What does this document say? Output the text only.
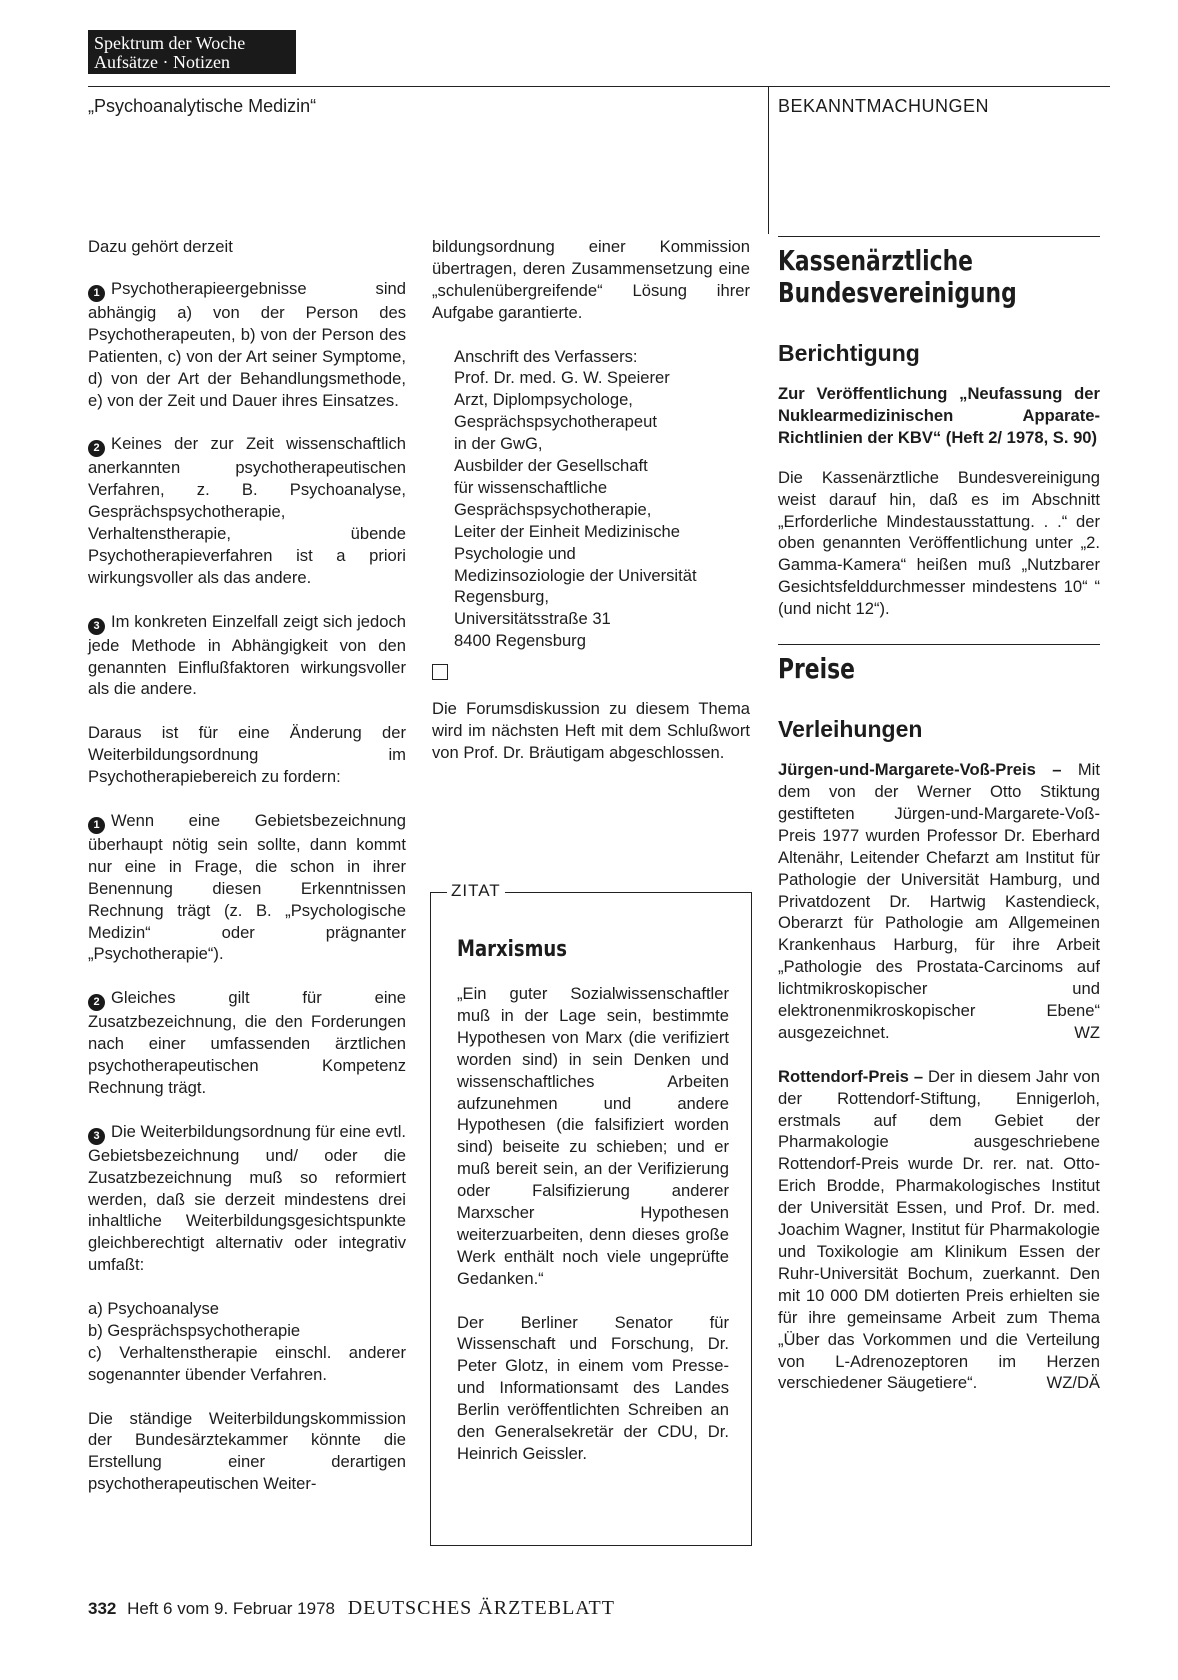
Spektrum der Woche
Aufsätze · Notizen
„Psychoanalytische Medizin“	BEKANNTMACHUNGEN

Dazu gehört derzeit

1 Psychotherapieergebnisse sind abhängig a) von der Person des Psychotherapeuten, b) von der Person des Patienten, c) von der Art seiner Symptome, d) von der Art der Behandlungsmethode, e) von der Zeit und Dauer ihres Einsatzes.

2 Keines der zur Zeit wissenschaftlich anerkannten psychotherapeutischen Verfahren, z. B. Psychoanalyse, Gesprächspsychotherapie, Verhaltenstherapie, übende Psychotherapieverfahren ist a priori wirkungsvoller als das andere.

3 Im konkreten Einzelfall zeigt sich jedoch jede Methode in Abhängigkeit von den genannten Einflußfaktoren wirkungsvoller als die andere.

Daraus ist für eine Änderung der Weiterbildungsordnung im Psychotherapiebereich zu fordern:

1 Wenn eine Gebietsbezeichnung überhaupt nötig sein sollte, dann kommt nur eine in Frage, die schon in ihrer Benennung diesen Erkenntnissen Rechnung trägt (z. B. „Psychologische Medizin“ oder prägnanter „Psychotherapie“).

2 Gleiches gilt für eine Zusatzbezeichnung, die den Forderungen nach einer umfassenden ärztlichen psychotherapeutischen Kompetenz Rechnung trägt.

3 Die Weiterbildungsordnung für eine evtl. Gebietsbezeichnung und/ oder die Zusatzbezeichnung muß so reformiert werden, daß sie derzeit mindestens drei inhaltliche Weiterbildungsgesichtspunkte gleichberechtigt alternativ oder integrativ umfaßt:

a) Psychoanalyse
b) Gesprächspsychotherapie
c) Verhaltenstherapie einschl. anderer sogenannter übender Verfahren.

Die ständige Weiterbildungskommission der Bundesärztekammer könnte die Erstellung einer derartigen psychotherapeutischen Weiter-

bildungsordnung einer Kommission übertragen, deren Zusammensetzung eine „schulenübergreifende“ Lösung ihrer Aufgabe garantierte.

Anschrift des Verfassers:
Prof. Dr. med. G. W. Speierer
Arzt, Diplompsychologe,
Gesprächspsychotherapeut
in der GwG,
Ausbilder der Gesellschaft
für wissenschaftliche
Gesprächspsychotherapie,
Leiter der Einheit Medizinische
Psychologie und
Medizinsoziologie der Universität
Regensburg,
Universitätsstraße 31
8400 Regensburg

Die Forumsdiskussion zu diesem Thema wird im nächsten Heft mit dem Schlußwort von Prof. Dr. Bräutigam abgeschlossen.

ZITAT
Marxismus

„Ein guter Sozialwissenschaftler muß in der Lage sein, bestimmte Hypothesen von Marx (die verifiziert worden sind) in sein Denken und wissenschaftliches Arbeiten aufzunehmen und andere Hypothesen (die falsifiziert worden sind) beiseite zu schieben; und er muß bereit sein, an der Verifizierung oder Falsifizierung anderer Marxscher Hypothesen weiterzuarbeiten, denn dieses große Werk enthält noch viele ungeprüfte Gedanken.“

Der Berliner Senator für Wissenschaft und Forschung, Dr. Peter Glotz, in einem vom Presse- und Informationsamt des Landes Berlin veröffentlichten Schreiben an den Generalsekretär der CDU, Dr. Heinrich Geissler.

Kassenärztliche
Bundesvereinigung
Berichtigung

Zur Veröffentlichung „Neufassung der Nuklearmedizinischen Apparate-Richtlinien der KBV“ (Heft 2/ 1978, S. 90)

Die Kassenärztliche Bundesvereinigung weist darauf hin, daß es im Abschnitt „Erforderliche Mindestausstattung. . .“ der oben genannten Veröffentlichung unter „2. Gamma-Kamera“ heißen muß „Nutzbarer Gesichtsfelddurchmesser mindestens 10“ “ (und nicht 12“).

Preise
Verleihungen

Jürgen-und-Margarete-Voß-Preis – Mit dem von der Werner Otto Stiktung gestifteten Jürgen-und-Margarete-Voß-Preis 1977 wurden Professor Dr. Eberhard Altenähr, Leitender Chefarzt am Institut für Pathologie der Universität Hamburg, und Privatdozent Dr. Hartwig Kastendieck, Oberarzt für Pathologie am Allgemeinen Krankenhaus Harburg, für ihre Arbeit „Pathologie des Prostata-Carcinoms auf lichtmikroskopischer und elektronenmikroskopischer Ebene“ ausgezeichnet.	WZ

Rottendorf-Preis – Der in diesem Jahr von der Rottendorf-Stiftung, Ennigerloh, erstmals auf dem Gebiet der Pharmakologie ausgeschriebene Rottendorf-Preis wurde Dr. rer. nat. Otto-Erich Brodde, Pharmakologisches Institut der Universität Essen, und Prof. Dr. med. Joachim Wagner, Institut für Pharmakologie und Toxikologie am Klinikum Essen der Ruhr-Universität Bochum, zuerkannt. Den mit 10 000 DM dotierten Preis erhielten sie für ihre gemeinsame Arbeit zum Thema „Über das Vorkommen und die Verteilung von L-Adrenozeptoren im Herzen verschiedener Säugetiere“.	WZ/DÄ

332 Heft 6 vom 9. Februar 1978 DEUTSCHES ÄRZTEBLATT
